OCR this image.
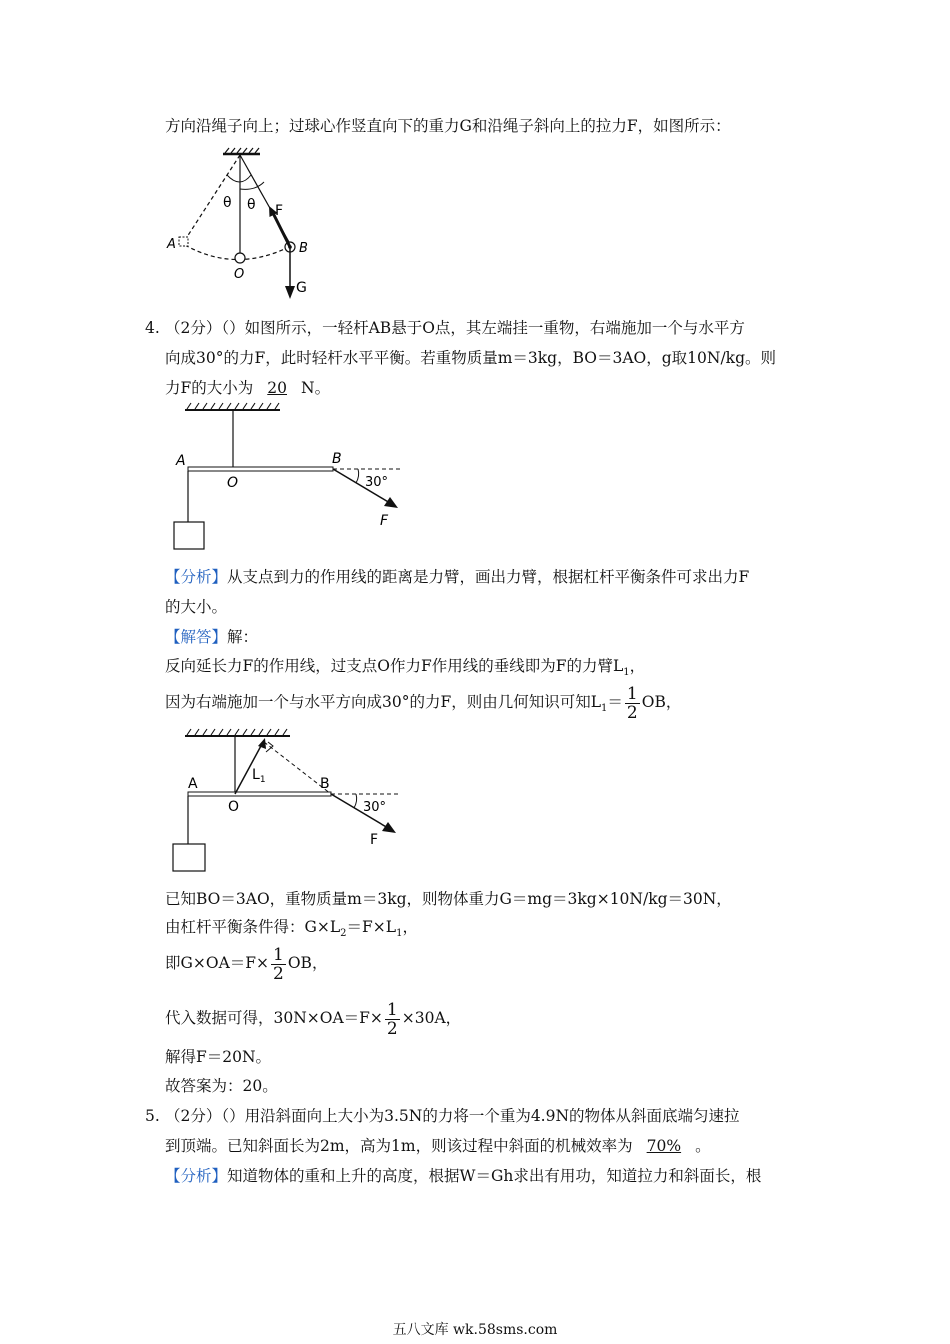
方向沿绳子向上；过球心作竖直向下的重力G和沿绳子斜向上的拉力F，如图所示：
θ θ F
A	B
O
G
4. （2分）（）如图所示，一轻杆AB悬于O点，其左端挂一重物，右端施加一个与水平方
向成30°的力F，此时轻杆水平平衡。若重物质量m＝3kg，BO＝3AO，g取10N/kg。则
力F的大小为 20 N。
A
O
B
30°
F
【分析】从支点到力的作用线的距离是力臂，画出力臂，根据杠杆平衡条件可求出力F
的大小。
【解答】解：
反向延长力F的作用线，过支点O作力F作用线的垂线即为F的力臂$L_1$，
因为右端施加一个与水平方向成30°的力F，则由几何知识可知$L_1= \frac{1}{2}$ OB，
A
O
B
$L_1$
30°
F
已知BO＝3AO，重物质量m＝3kg，则物体重力G＝mg＝3kg×10N/kg＝30N，
由杠杆平衡条件得：$G\times L_2=F\times L_1$，
即$G\times OA=F\times \frac{1}{2}$ OB，
代入数据可得，$30N\times OA=F\times \frac{1}{2} \times 30A$，
解得F＝20N。
故答案为：20。
5. （2分）（）用沿斜面向上大小为3.5N的力将一个重为4.9N的物体从斜面底端匀速拉
到顶端。已知斜面长为2m，高为1m，则该过程中斜面的机械效率为 70% 。
【分析】知道物体的重和上升的高度，根据W＝Gh求出有用功，知道拉力和斜面长，根
五八文库 wk.58sms.com
